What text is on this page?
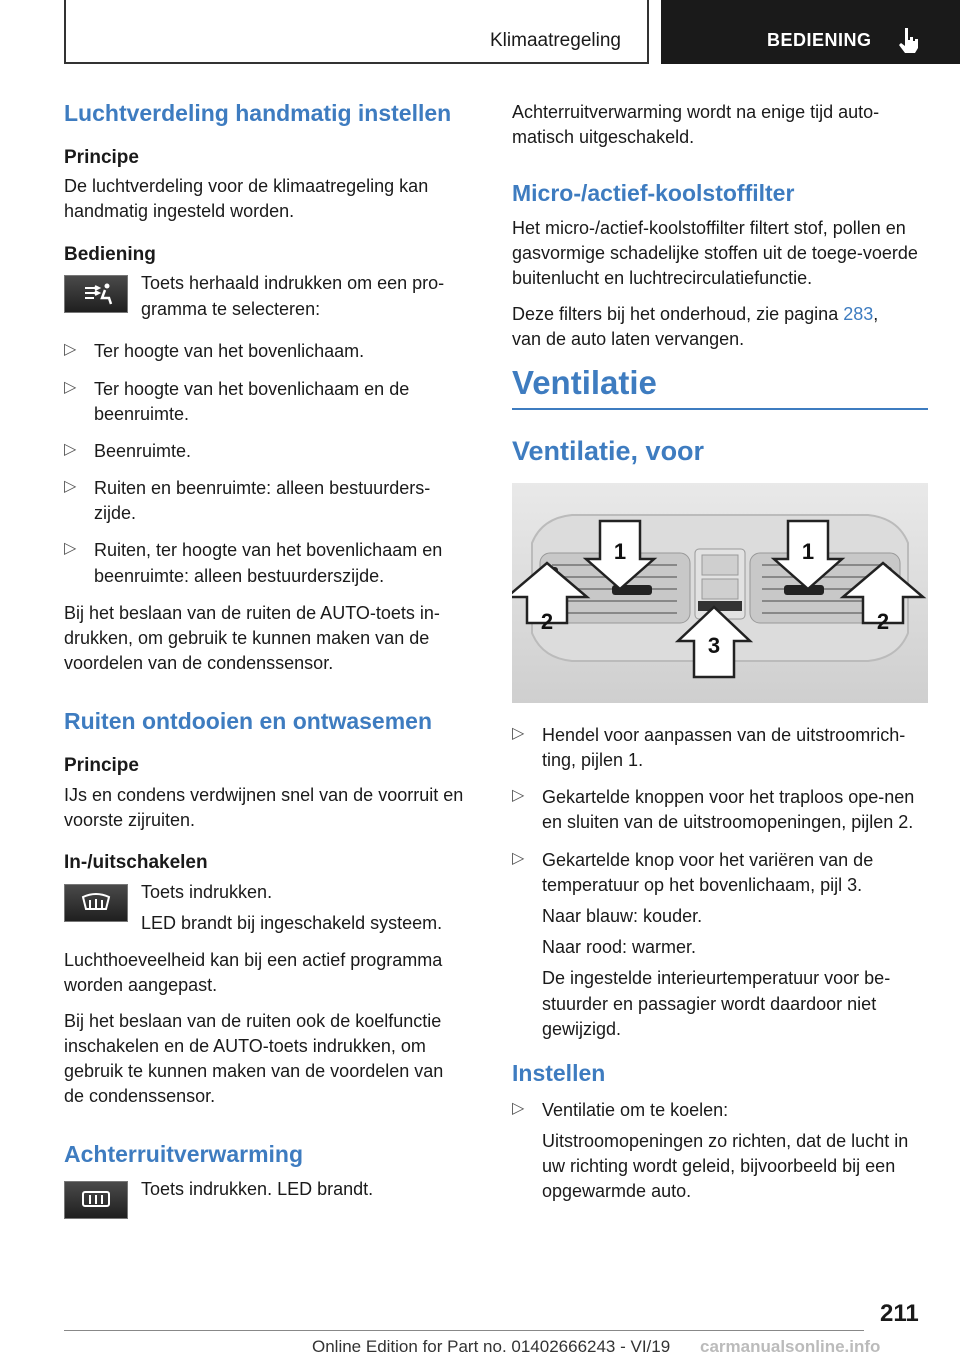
Klimaatregeling	BEDIENING
Luchtverdeling handmatig instellen
Principe
De luchtverdeling voor de klimaatregeling kan handmatig ingesteld worden.
Bediening
Toets herhaald indrukken om een pro-gramma te selecteren:
▷ Ter hoogte van het bovenlichaam.
▷ Ter hoogte van het bovenlichaam en de beenruimte.
▷ Beenruimte.
▷ Ruiten en beenruimte: alleen bestuurders-zijde.
▷ Ruiten, ter hoogte van het bovenlichaam en beenruimte: alleen bestuurderszijde.
Bij het beslaan van de ruiten de AUTO-toets in-drukken, om gebruik te kunnen maken van de voordelen van de condenssensor.
Ruiten ontdooien en ontwasemen
Principe
IJs en condens verdwijnen snel van de voorruit en voorste zijruiten.
In-/uitschakelen
Toets indrukken.
LED brandt bij ingeschakeld systeem.
Luchthoeveelheid kan bij een actief programma worden aangepast.
Bij het beslaan van de ruiten ook de koelfunctie inschakelen en de AUTO-toets indrukken, om gebruik te kunnen maken van de voordelen van de condenssensor.
Achterruitverwarming
Toets indrukken. LED brandt.
Achterruitverwarming wordt na enige tijd auto-matisch uitgeschakeld.
Micro-/actief-koolstoffilter
Het micro-/actief-koolstoffilter filtert stof, pollen en gasvormige schadelijke stoffen uit de toege-voerde buitenlucht en luchtrecirculatiefunctie.
Deze filters bij het onderhoud, zie pagina 283,
van de auto laten vervangen.
Ventilatie
Ventilatie, voor
1	1
2	2
3
▷ Hendel voor aanpassen van de uitstroomrich-ting, pijlen 1.
▷ Gekartelde knoppen voor het traploos ope-nen en sluiten van de uitstroomopeningen, pijlen 2.
▷ Gekartelde knop voor het variëren van de temperatuur op het bovenlichaam, pijl 3.
Naar blauw: kouder.
Naar rood: warmer.
De ingestelde interieurtemperatuur voor be-stuurder en passagier wordt daardoor niet gewijzigd.
Instellen
▷ Ventilatie om te koelen:
Uitstroomopeningen zo richten, dat de lucht in uw richting wordt geleid, bijvoorbeeld bij een opgewarmde auto.
211
Online Edition for Part no. 01402666243 - VI/19 carmanualsonline.info
